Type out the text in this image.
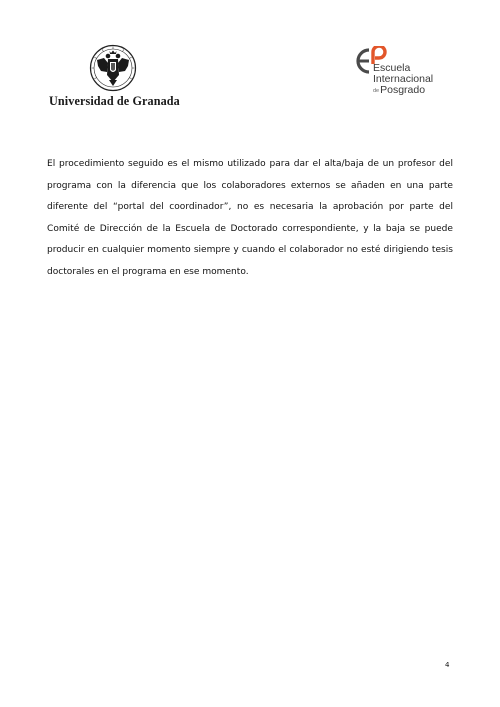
Universidad de Granada
Escuela
Internacional
dePosgrado

El procedimiento seguido es el mismo utilizado para dar el alta/baja de un profesor del programa con la diferencia que los colaboradores externos se añaden en una parte diferente del “portal del coordinador”, no es necesaria la aprobación por parte del Comité de Dirección de la Escuela de Doctorado correspondiente, y la baja se puede producir en cualquier momento siempre y cuando el colaborador no esté dirigiendo tesis doctorales en el programa en ese momento.

4
